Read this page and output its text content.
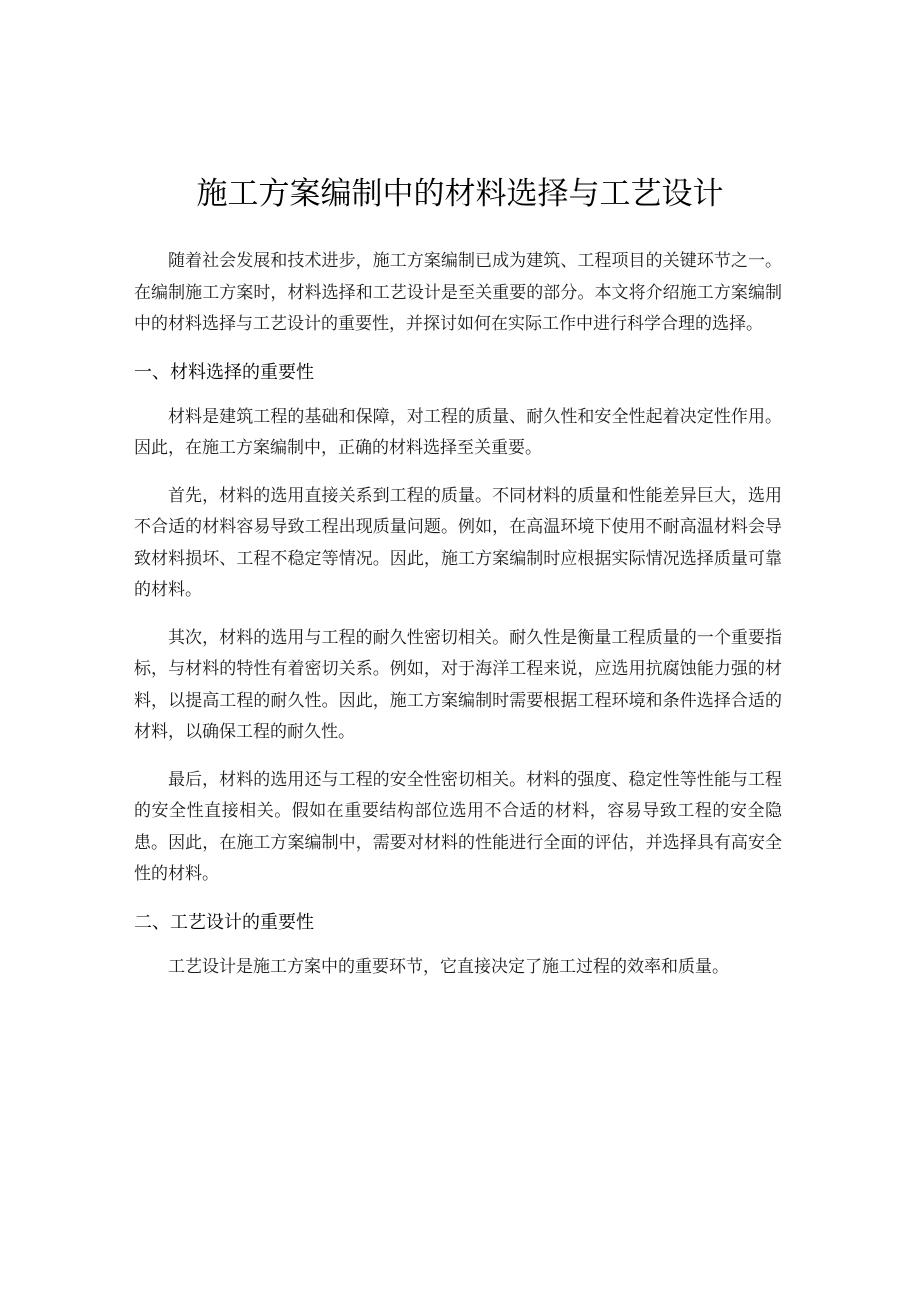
施工方案编制中的材料选择与工艺设计

随着社会发展和技术进步，施工方案编制已成为建筑、工程项目的关键环节之一。在编制施工方案时，材料选择和工艺设计是至关重要的部分。本文将介绍施工方案编制中的材料选择与工艺设计的重要性，并探讨如何在实际工作中进行科学合理的选择。

一、材料选择的重要性

材料是建筑工程的基础和保障，对工程的质量、耐久性和安全性起着决定性作用。因此，在施工方案编制中，正确的材料选择至关重要。

首先，材料的选用直接关系到工程的质量。不同材料的质量和性能差异巨大，选用不合适的材料容易导致工程出现质量问题。例如，在高温环境下使用不耐高温材料会导致材料损坏、工程不稳定等情况。因此，施工方案编制时应根据实际情况选择质量可靠的材料。

其次，材料的选用与工程的耐久性密切相关。耐久性是衡量工程质量的一个重要指标，与材料的特性有着密切关系。例如，对于海洋工程来说，应选用抗腐蚀能力强的材料，以提高工程的耐久性。因此，施工方案编制时需要根据工程环境和条件选择合适的材料，以确保工程的耐久性。

最后，材料的选用还与工程的安全性密切相关。材料的强度、稳定性等性能与工程的安全性直接相关。假如在重要结构部位选用不合适的材料，容易导致工程的安全隐患。因此，在施工方案编制中，需要对材料的性能进行全面的评估，并选择具有高安全性的材料。

二、工艺设计的重要性

工艺设计是施工方案中的重要环节，它直接决定了施工过程的效率和质量。
